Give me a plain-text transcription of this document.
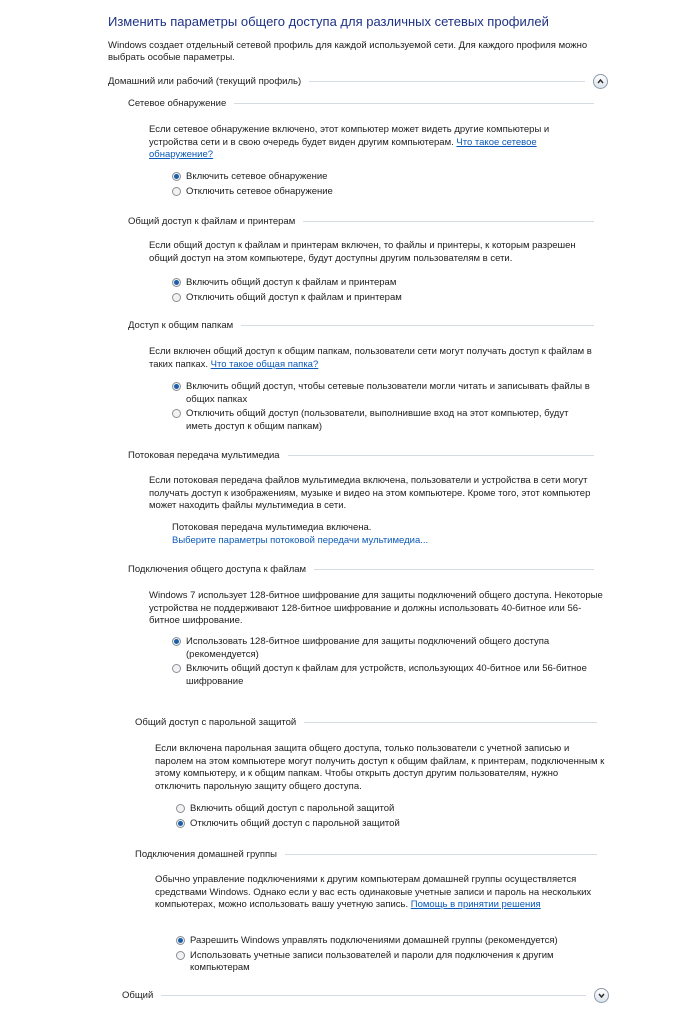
Изменить параметры общего доступа для различных сетевых профилей
Windows создает отдельный сетевой профиль для каждой используемой сети. Для каждого профиля можно выбрать особые параметры.
Домашний или рабочий (текущий профиль)
Сетевое обнаружение
Если сетевое обнаружение включено, этот компьютер может видеть другие компьютеры и устройства сети и в свою очередь будет виден другим компьютерам. Что такое сетевое обнаружение?
Включить сетевое обнаружение
Отключить сетевое обнаружение
Общий доступ к файлам и принтерам
Если общий доступ к файлам и принтерам включен, то файлы и принтеры, к которым разрешен общий доступ на этом компьютере, будут доступны другим пользователям в сети.
Включить общий доступ к файлам и принтерам
Отключить общий доступ к файлам и принтерам
Доступ к общим папкам
Если включен общий доступ к общим папкам, пользователи сети могут получать доступ к файлам в таких папках. Что такое общая папка?
Включить общий доступ, чтобы сетевые пользователи могли читать и записывать файлы в общих папках
Отключить общий доступ (пользователи, выполнившие вход на этот компьютер, будут иметь доступ к общим папкам)
Потоковая передача мультимедиа
Если потоковая передача файлов мультимедиа включена, пользователи и устройства в сети могут получать доступ к изображениям, музыке и видео на этом компьютере. Кроме того, этот компьютер может находить файлы мультимедиа в сети.
Потоковая передача мультимедиа включена.
Выберите параметры потоковой передачи мультимедиа...
Подключения общего доступа к файлам
Windows 7 использует 128-битное шифрование для защиты подключений общего доступа. Некоторые устройства не поддерживают 128-битное шифрование и должны использовать 40-битное или 56-битное шифрование.
Использовать 128-битное шифрование для защиты подключений общего доступа (рекомендуется)
Включить общий доступ к файлам для устройств, использующих 40-битное или 56-битное шифрование
Общий доступ с парольной защитой
Если включена парольная защита общего доступа, только пользователи с учетной записью и паролем на этом компьютере могут получить доступ к общим файлам, к принтерам, подключенным к этому компьютеру, и к общим папкам. Чтобы открыть доступ другим пользователям, нужно отключить парольную защиту общего доступа.
Включить общий доступ с парольной защитой
Отключить общий доступ с парольной защитой
Подключения домашней группы
Обычно управление подключениями к другим компьютерам домашней группы осуществляется средствами Windows. Однако если у вас есть одинаковые учетные записи и пароль на нескольких компьютерах, можно использовать вашу учетную запись. Помощь в принятии решения
Разрешить Windows управлять подключениями домашней группы (рекомендуется)
Использовать учетные записи пользователей и пароли для подключения к другим компьютерам
Общий
